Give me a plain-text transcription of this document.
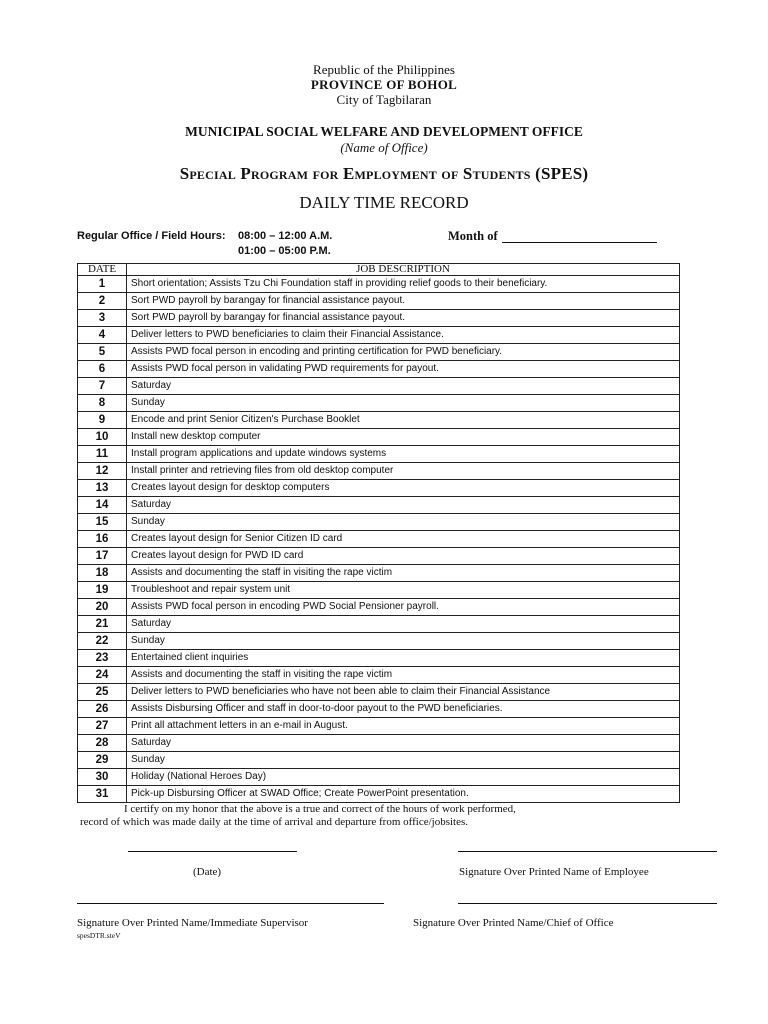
Republic of the Philippines
PROVINCE OF BOHOL
City of Tagbilaran
MUNICIPAL SOCIAL WELFARE AND DEVELOPMENT OFFICE
(Name of Office)
Special Program for Employment of Students (SPES)
DAILY TIME RECORD
Regular Office / Field Hours: 08:00 – 12:00 A.M.
01:00 – 05:00 P.M.
Month of
DATE	JOB DESCRIPTION
1	Short orientation; Assists Tzu Chi Foundation staff in providing relief goods to their beneficiary.
2	Sort PWD payroll by barangay for financial assistance payout.
3	Sort PWD payroll by barangay for financial assistance payout.
4	Deliver letters to PWD beneficiaries to claim their Financial Assistance.
5	Assists PWD focal person in encoding and printing certification for PWD beneficiary.
6	Assists PWD focal person in validating PWD requirements for payout.
7	Saturday
8	Sunday
9	Encode and print Senior Citizen's Purchase Booklet
10	Install new desktop computer
11	Install program applications and update windows systems
12	Install printer and retrieving files from old desktop computer
13	Creates layout design for desktop computers
14	Saturday
15	Sunday
16	Creates layout design for Senior Citizen ID card
17	Creates layout design for PWD ID card
18	Assists and documenting the staff in visiting the rape victim
19	Troubleshoot and repair system unit
20	Assists PWD focal person in encoding PWD Social Pensioner payroll.
21	Saturday
22	Sunday
23	Entertained client inquiries
24	Assists and documenting the staff in visiting the rape victim
25	Deliver letters to PWD beneficiaries who have not been able to claim their Financial Assistance
26	Assists Disbursing Officer and staff in door-to-door payout to the PWD beneficiaries.
27	Print all attachment letters in an e-mail in August.
28	Saturday
29	Sunday
30	Holiday (National Heroes Day)
31	Pick-up Disbursing Officer at SWAD Office; Create PowerPoint presentation.
I certify on my honor that the above is a true and correct of the hours of work performed,
record of which was made daily at the time of arrival and departure from office/jobsites.
(Date)	Signature Over Printed Name of Employee
Signature Over Printed Name/Immediate Supervisor	Signature Over Printed Name/Chief of Office
spesDTR.steV
